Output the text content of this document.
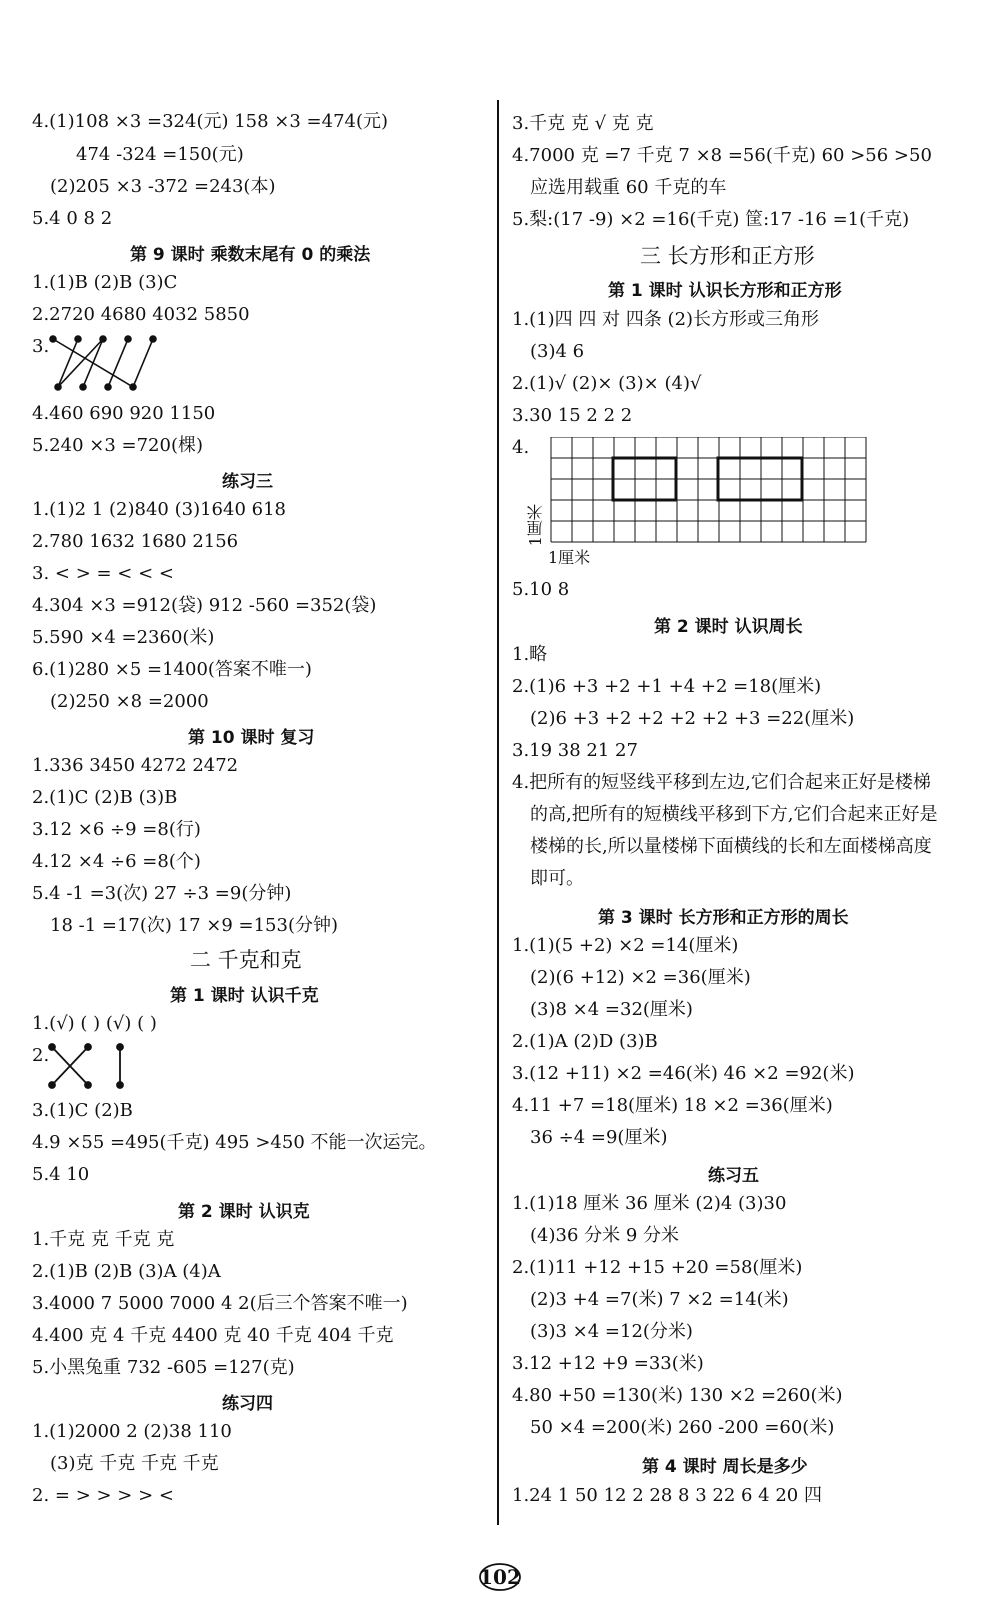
4.(1)108 ×3 =324(元) 158 ×3 =474(元)
474 -324 =150(元)
(2)205 ×3 -372 =243(本)
5.4 0 8 2
第 9 课时 乘数末尾有 0 的乘法
1.(1)B (2)B (3)C
2.2720 4680 4032 5850
3.
4.460 690 920 1150
5.240 ×3 =720(棵)
练习三
1.(1)2 1 (2)840 (3)1640 618
2.780 1632 1680 2156
3. < > = < < <
4.304 ×3 =912(袋) 912 -560 =352(袋)
5.590 ×4 =2360(米)
6.(1)280 ×5 =1400(答案不唯一)
(2)250 ×8 =2000
第 10 课时 复习
1.336 3450 4272 2472
2.(1)C (2)B (3)B
3.12 ×6 ÷9 =8(行)
4.12 ×4 ÷6 =8(个)
5.4 -1 =3(次) 27 ÷3 =9(分钟)
18 -1 =17(次) 17 ×9 =153(分钟)
二 千克和克
第 1 课时 认识千克
1.(√) ( ) (√) ( )
2.
3.(1)C (2)B
4.9 ×55 =495(千克) 495 >450 不能一次运完。
5.4 10
第 2 课时 认识克
1.千克 克 千克 克
2.(1)B (2)B (3)A (4)A
3.4000 7 5000 7000 4 2(后三个答案不唯一)
4.400 克 4 千克 4400 克 40 千克 404 千克
5.小黑兔重 732 -605 =127(克)
练习四
1.(1)2000 2 (2)38 110
(3)克 千克 千克 千克
2. = > > > > <
3.千克 克 √ 克 克
4.7000 克 =7 千克 7 ×8 =56(千克) 60 >56 >50
应选用载重 60 千克的车
5.梨:(17 -9) ×2 =16(千克) 筐:17 -16 =1(千克)
三 长方形和正方形
第 1 课时 认识长方形和正方形
1.(1)四 四 对 四条 (2)长方形或三角形
(3)4 6
2.(1)√ (2)× (3)× (4)√
3.30 15 2 2 2
4.
1厘米
1厘米
5.10 8
第 2 课时 认识周长
1.略
2.(1)6 +3 +2 +1 +4 +2 =18(厘米)
(2)6 +3 +2 +2 +2 +2 +3 =22(厘米)
3.19 38 21 27
4.把所有的短竖线平移到左边,它们合起来正好是楼梯
的高,把所有的短横线平移到下方,它们合起来正好是
楼梯的长,所以量楼梯下面横线的长和左面楼梯高度
即可。
第 3 课时 长方形和正方形的周长
1.(1)(5 +2) ×2 =14(厘米)
(2)(6 +12) ×2 =36(厘米)
(3)8 ×4 =32(厘米)
2.(1)A (2)D (3)B
3.(12 +11) ×2 =46(米) 46 ×2 =92(米)
4.11 +7 =18(厘米) 18 ×2 =36(厘米)
36 ÷4 =9(厘米)
练习五
1.(1)18 厘米 36 厘米 (2)4 (3)30
(4)36 分米 9 分米
2.(1)11 +12 +15 +20 =58(厘米)
(2)3 +4 =7(米) 7 ×2 =14(米)
(3)3 ×4 =12(分米)
3.12 +12 +9 =33(米)
4.80 +50 =130(米) 130 ×2 =260(米)
50 ×4 =200(米) 260 -200 =60(米)
第 4 课时 周长是多少
1.24 1 50 12 2 28 8 3 22 6 4 20 四
102
